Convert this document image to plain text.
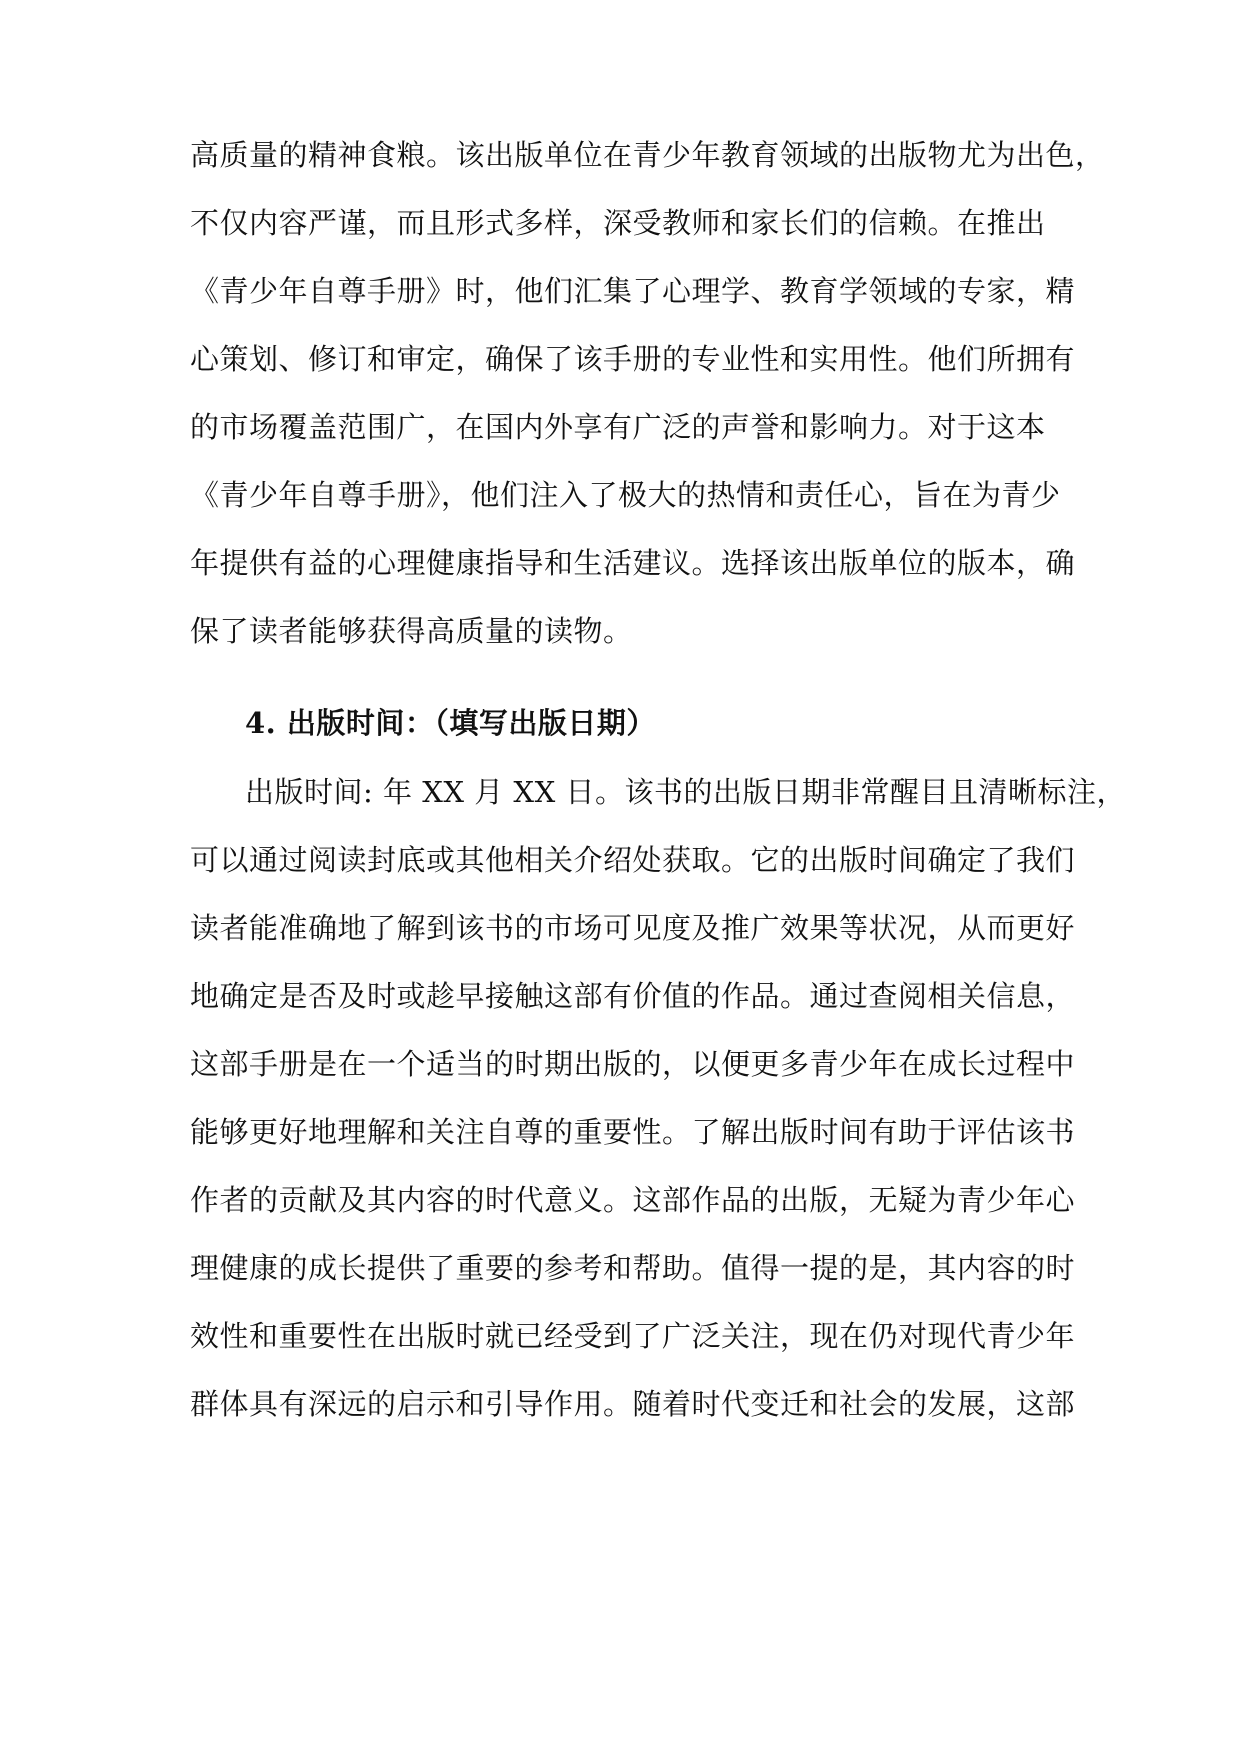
高质量的精神食粮。该出版单位在青少年教育领域的出版物尤为出色，
不仅内容严谨，而且形式多样，深受教师和家长们的信赖。在推出
《青少年自尊手册》时，他们汇集了心理学、教育学领域的专家，精
心策划、修订和审定，确保了该手册的专业性和实用性。他们所拥有
的市场覆盖范围广，在国内外享有广泛的声誉和影响力。对于这本
《青少年自尊手册》，他们注入了极大的热情和责任心，旨在为青少
年提供有益的心理健康指导和生活建议。选择该出版单位的版本，确
保了读者能够获得高质量的读物。
4. 出版时间：（填写出版日期）
出版时间: 年 XX 月 XX 日。该书的出版日期非常醒目且清晰标注，
可以通过阅读封底或其他相关介绍处获取。它的出版时间确定了我们
读者能准确地了解到该书的市场可见度及推广效果等状况，从而更好
地确定是否及时或趁早接触这部有价值的作品。通过查阅相关信息，
这部手册是在一个适当的时期出版的，以便更多青少年在成长过程中
能够更好地理解和关注自尊的重要性。了解出版时间有助于评估该书
作者的贡献及其内容的时代意义。这部作品的出版，无疑为青少年心
理健康的成长提供了重要的参考和帮助。值得一提的是，其内容的时
效性和重要性在出版时就已经受到了广泛关注，现在仍对现代青少年
群体具有深远的启示和引导作用。随着时代变迁和社会的发展，这部
